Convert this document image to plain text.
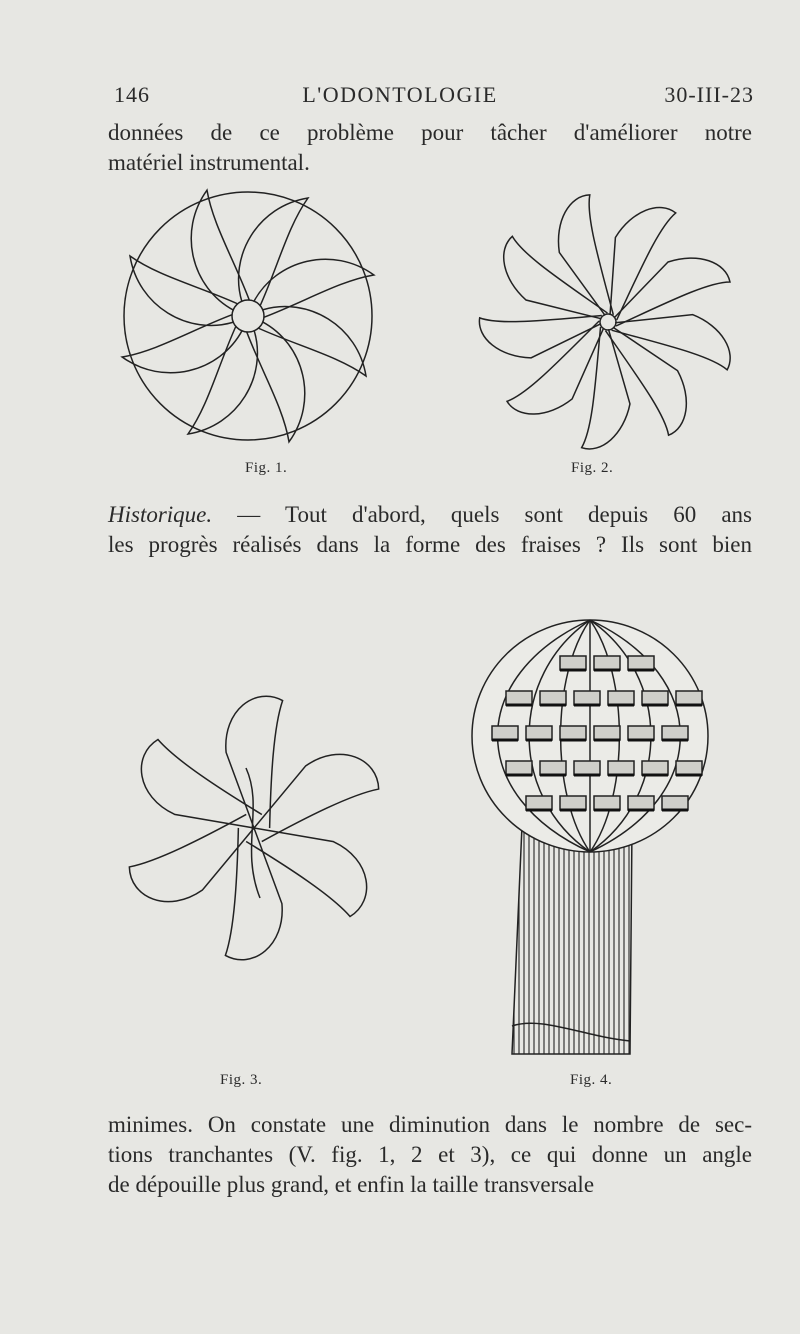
146	L'ODONTOLOGIE	30-III-23
données de ce problème pour tâcher d'améliorer notre
matériel instrumental.
Fig. 1.	Fig. 2.
Historique. — Tout d'abord, quels sont depuis 60 ans
les progrès réalisés dans la forme des fraises ? Ils sont bien
Fig. 3.	Fig. 4.
minimes. On constate une diminution dans le nombre de sec-
tions tranchantes (V. fig. 1, 2 et 3), ce qui donne un angle
de dépouille plus grand, et enfin la taille transversale
